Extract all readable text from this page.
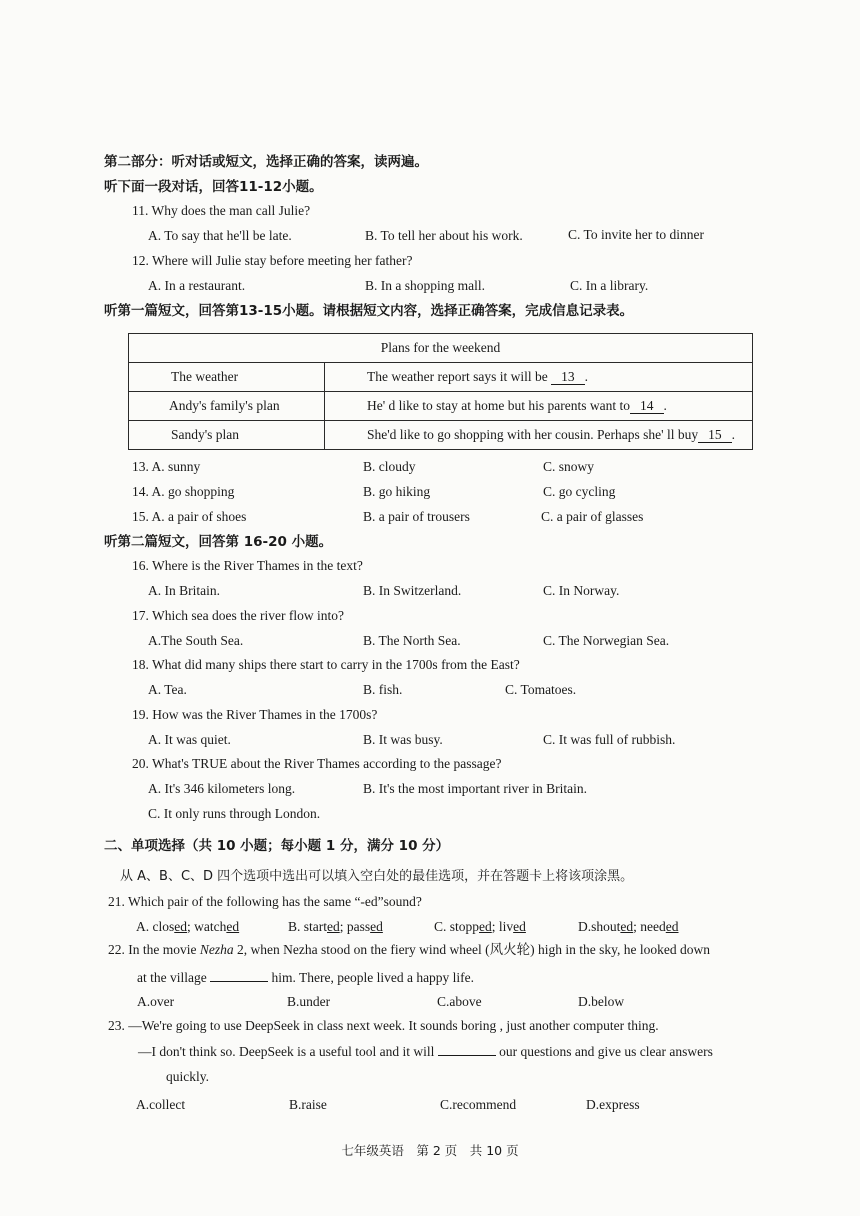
第二部分：听对话或短文，选择正确的答案，读两遍。
听下面一段对话，回答11-12小题。
11. Why does the man call Julie?
A. To say that he'll be late.	B. To tell her about his work.	C. To invite her to dinner
12. Where will Julie stay before meeting her father?
A. In a restaurant.	B. In a shopping mall.	C. In a library.
听第一篇短文，回答第13-15小题。请根据短文内容，选择正确答案，完成信息记录表。
Plans for the weekend	
The weather	The weather report says it will be 13 .
Andy's family's plan	He' d like to stay at home but his parents want to 14 .
Sandy's plan	She'd like to go shopping with her cousin. Perhaps she' ll buy 15 .
13. A. sunny	B. cloudy	C. snowy
14. A. go shopping	B. go hiking	C. go cycling
15. A. a pair of shoes	B. a pair of trousers	C. a pair of glasses
听第二篇短文，回答第 16-20 小题。
16. Where is the River Thames in the text?
A. In Britain.	B. In Switzerland.	C. In Norway.
17. Which sea does the river flow into?
A.The South Sea.	B. The North Sea.	C. The Norwegian Sea.
18. What did many ships there start to carry in the 1700s from the East?
A. Tea.	B. fish.	C. Tomatoes.
19. How was the River Thames in the 1700s?
A. It was quiet.	B. It was busy.	C. It was full of rubbish.
20. What's TRUE about the River Thames according to the passage?
A. It's 346 kilometers long.	B. It's the most important river in Britain.
C. It only runs through London.
二、单项选择（共 10 小题；每小题 1 分，满分 10 分）
从 A、B、C、D 四个选项中选出可以填入空白处的最佳选项，并在答题卡上将该项涂黑。
21. Which pair of the following has the same “-ed”sound?
A. closed; watched	B. started; passed	C. stopped; lived	D.shouted; needed
22. In the movie Nezha 2, when Nezha stood on the fiery wind wheel (风火轮) high in the sky, he looked down
at the village	him. There, people lived a happy life.
A.over	B.under	C.above	D.below
23. —We're going to use DeepSeek in class next week. It sounds boring , just another computer thing.
—I don't think so. DeepSeek is a useful tool and it will	our questions and give us clear answers
quickly.
A.collect	B.raise	C.recommend	D.express
七年级英语　第 2 页　共 10 页
